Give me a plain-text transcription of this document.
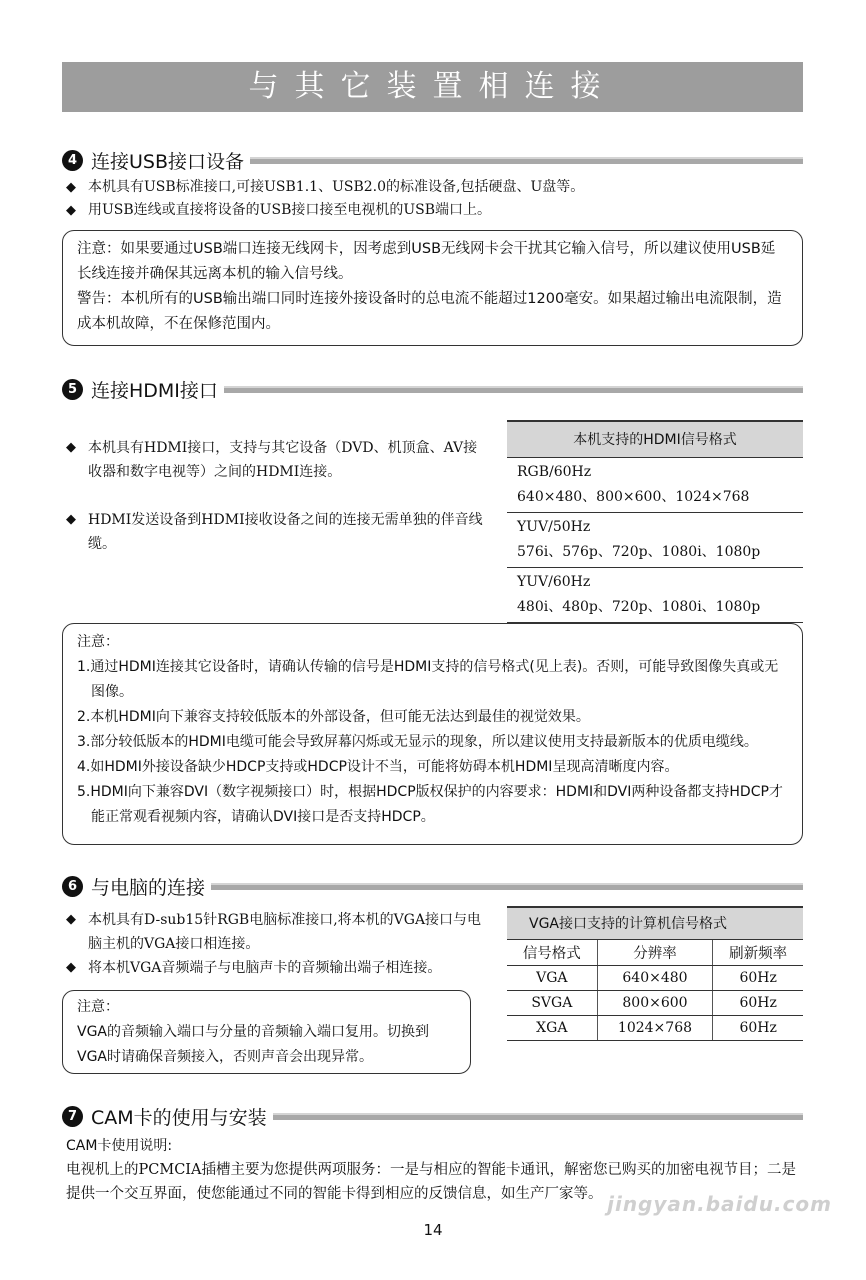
与其它装置相连接
4 连接USB接口设备
◆ 本机具有USB标准接口,可接USB1.1、USB2.0的标准设备,包括硬盘、U盘等。
◆ 用USB连线或直接将设备的USB接口接至电视机的USB端口上。

注意：如果要通过USB端口连接无线网卡，因考虑到USB无线网卡会干扰其它输入信号，所以建议使用USB延长线连接并确保其远离本机的输入信号线。

警告：本机所有的USB输出端口同时连接外接设备时的总电流不能超过1200毫安。如果超过输出电流限制，造成本机故障，不在保修范围内。

5 连接HDMI接口
◆ 本机具有HDMI接口，支持与其它设备（DVD、机顶盒、AV接收器和数字电视等）之间的HDMI连接。
◆ HDMI发送设备到HDMI接收设备之间的连接无需单独的伴音线缆。
本机支持的HDMI信号格式

RGB/60Hz
640×480、800×600、1024×768

YUV/50Hz
576i、576p、720p、1080i、1080p

YUV/60Hz
480i、480p、720p、1080i、1080p

注意：

1.通过HDMI连接其它设备时，请确认传输的信号是HDMI支持的信号格式(见上表)。否则，可能导致图像失真或无图像。

2.本机HDMI向下兼容支持较低版本的外部设备，但可能无法达到最佳的视觉效果。

3.部分较低版本的HDMI电缆可能会导致屏幕闪烁或无显示的现象，所以建议使用支持最新版本的优质电缆线。

4.如HDMI外接设备缺少HDCP支持或HDCP设计不当，可能将妨碍本机HDMI呈现高清晰度内容。

5.HDMI向下兼容DVI（数字视频接口）时，根据HDCP版权保护的内容要求：HDMI和DVI两种设备都支持HDCP才能正常观看视频内容，请确认DVI接口是否支持HDCP。

6 与电脑的连接
◆ 本机具有D-sub15针RGB电脑标准接口,将本机的VGA接口与电脑主机的VGA接口相连接。
◆ 将本机VGA音频端子与电脑声卡的音频输出端子相连接。

注意：

VGA的音频输入端口与分量的音频输入端口复用。切换到VGA时请确保音频接入，否则声音会出现异常。

VGA接口支持的计算机信号格式		
信号格式	分辨率	刷新频率
VGA	640×480	60Hz
SVGA	800×600	60Hz
XGA	1024×768	60Hz
7 CAM卡的使用与安装
CAM卡使用说明:
电视机上的PCMCIA插槽主要为您提供两项服务：一是与相应的智能卡通讯，解密您已购买的加密电视节目；二是提供一个交互界面，使您能通过不同的智能卡得到相应的反馈信息，如生产厂家等。
14
jingyan.baidu.com
